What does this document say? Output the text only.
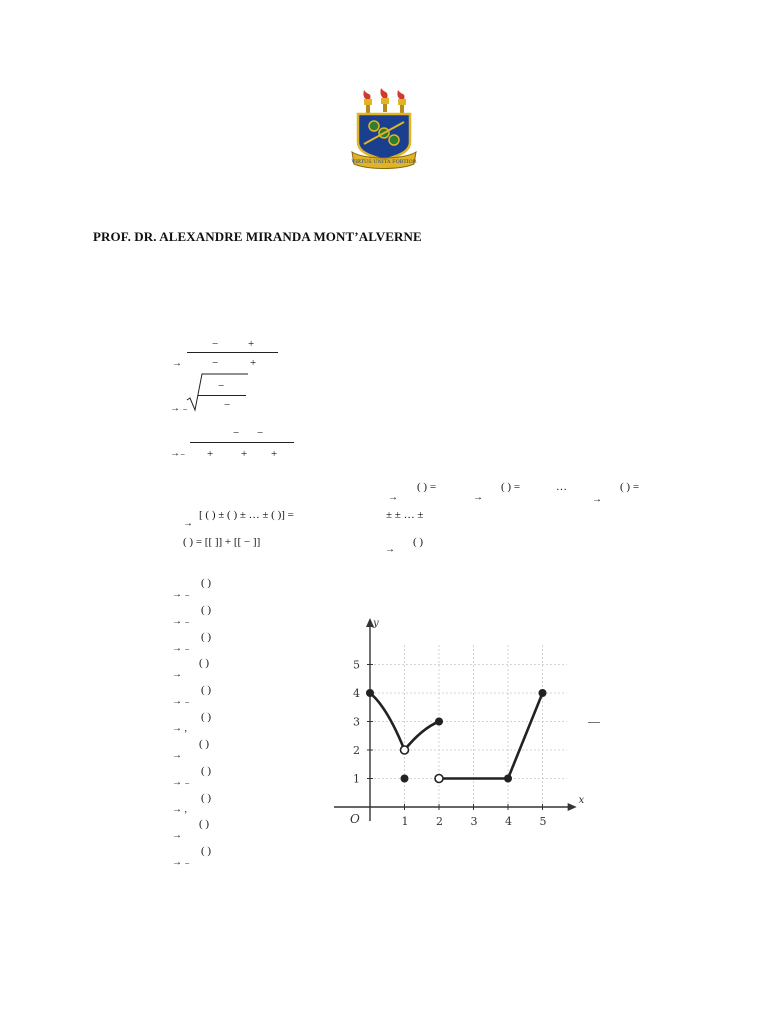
VIRTUS UNITA FORTIOR
PROF. DR. ALEXANDRE MIRANDA MONT’ALVERNE
→
−	+
−	+
→ ₋
−
−
→₋
− −
+	+ +
( ) =
→
( ) =
→
…
→
( ) =
→
[ ( ) ± ( ) ± … ± ( )] =	± ± … ±
( ) = [[ ]] + [[ − ]]
→
( )
→ ₋
( )
→ ₋
( )
→ ₋
( )
→
( )
→ ₋
( )
→ ,
( )
→
( )
→ ₋
( )
→ ,
( )
→
( )
→ ₋
( )
x
y
O	1	2	3	4	5
1
2
3
4
5
—
